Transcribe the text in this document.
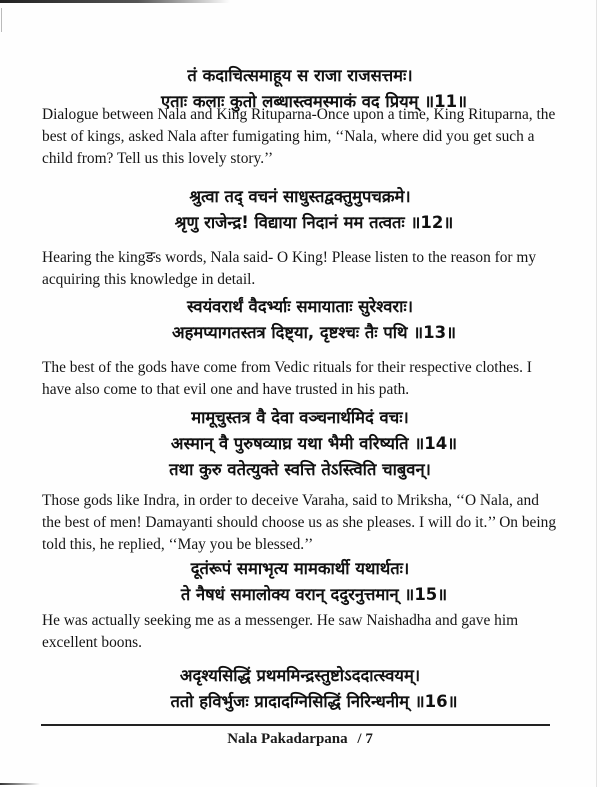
तं कदाचित्समाहूय स राजा राजसत्तमः।
एताः कलाः कुतो लब्धास्त्वमस्माकं वद प्रियम् ॥11॥

Dialogue between Nala and King Rituparna-Once upon a time, King Rituparna, the best of kings, asked Nala after fumigating him, ‘‘Nala, where did you get such a child from? Tell us this lovely story.’’

श्रुत्वा तद् वचनं साधुस्तद्वक्तुमुपचक्रमे।
श्रृणु राजेन्द्र! विद्याया निदानं मम तत्वतः ॥12॥

Hearing the kingङs words, Nala said- O King! Please listen to the reason for my acquiring this knowledge in detail.

स्वयंवरार्थं वैदर्भ्याः समायाताः सुरेश्वराः।
अहमप्यागतस्तत्र दिष्ट्या, दृष्टश्चः तैः पथि ॥13॥

The best of the gods have come from Vedic rituals for their respective clothes. I have also come to that evil one and have trusted in his path.

मामूचुस्तत्र वै देवा वञ्चनार्थमिदं वचः।
अस्मान् वै पुरुषव्याघ्र यथा भैमी वरिष्यति ॥14॥
तथा कुरु वतेत्युक्ते स्वत्ति तेऽस्त्विति चाबुवन्।

Those gods like Indra, in order to deceive Varaha, said to Mriksha, ‘‘O Nala, and the best of men! Damayanti should choose us as she pleases. I will do it.’’ On being told this, he replied, ‘‘May you be blessed.’’

दूतंरूपं समाभृत्य मामकार्थी यथार्थतः।
ते नैषधं समालोक्य वरान् ददुरनुत्तमान् ॥15॥

He was actually seeking me as a messenger. He saw Naishadha and gave him excellent boons.

अदृश्यसिद्धिं प्रथममिन्द्रस्तुष्टोऽददात्स्वयम्।
ततो हविर्भुजः प्रादादग्निसिद्धिं निरिन्धनीम् ॥16॥
Nala Pakadarpana / 7
